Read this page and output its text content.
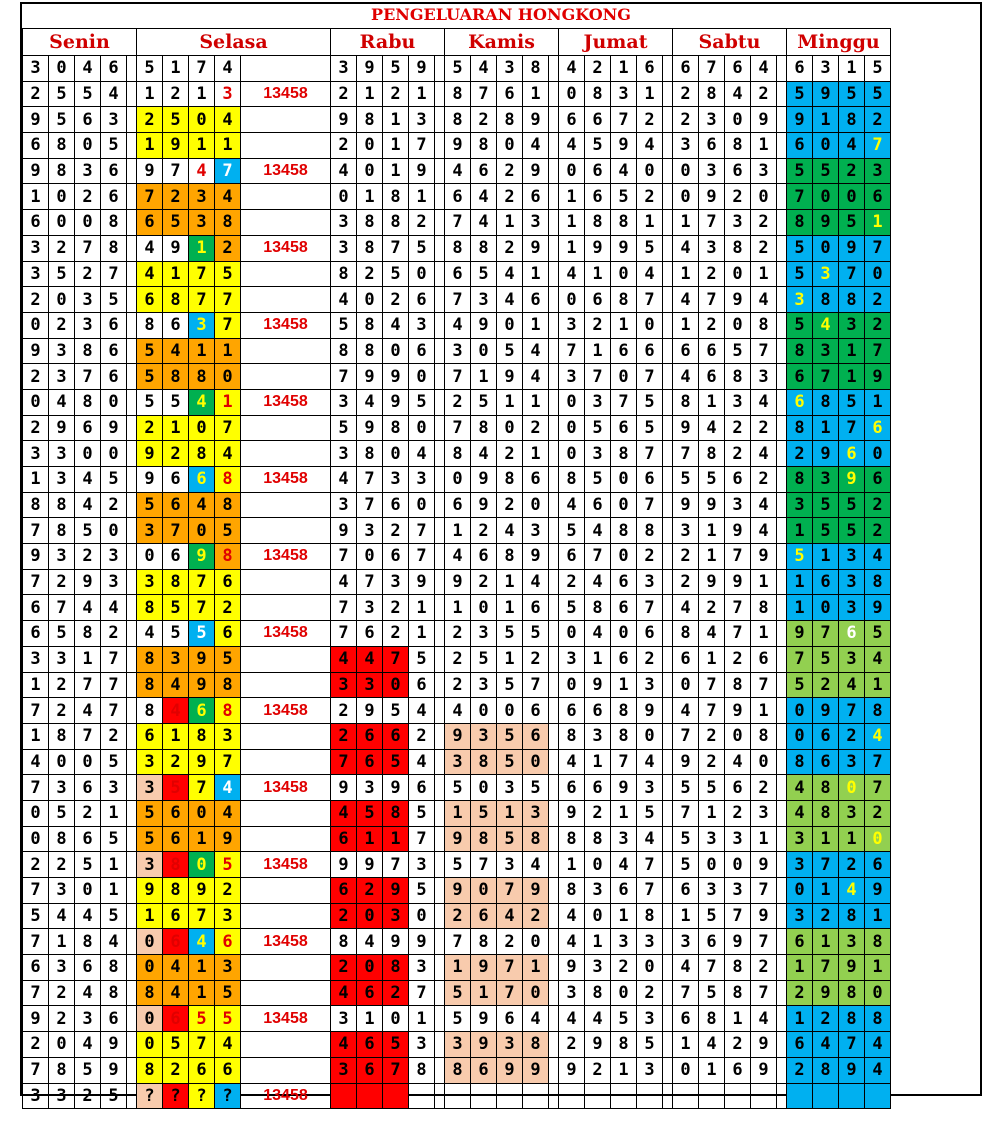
PENGELUARAN HONGKONG
Senin					Selasa					Rabu					Kamis					Jumat					Sabtu					Minggu			
3	0	4	6		5	1	7	4		3	9	5	9		5	4	3	8		4	2	1	6		6	7	6	4		6	3	1	5
2	5	5	4		1	2	1	3	13458	2	1	2	1		8	7	6	1		0	8	3	1		2	8	4	2		5	9	5	5
9	5	6	3		2	5	0	4		9	8	1	3		8	2	8	9		6	6	7	2		2	3	0	9		9	1	8	2
6	8	0	5		1	9	1	1		2	0	1	7		9	8	0	4		4	5	9	4		3	6	8	1		6	0	4	7
9	8	3	6		9	7	4	7	13458	4	0	1	9		4	6	2	9		0	6	4	0		0	3	6	3		5	5	2	3
1	0	2	6		7	2	3	4		0	1	8	1		6	4	2	6		1	6	5	2		0	9	2	0		7	0	0	6
6	0	0	8		6	5	3	8		3	8	8	2		7	4	1	3		1	8	8	1		1	7	3	2		8	9	5	1
3	2	7	8		4	9	1	2	13458	3	8	7	5		8	8	2	9		1	9	9	5		4	3	8	2		5	0	9	7
3	5	2	7		4	1	7	5		8	2	5	0		6	5	4	1		4	1	0	4		1	2	0	1		5	3	7	0
2	0	3	5		6	8	7	7		4	0	2	6		7	3	4	6		0	6	8	7		4	7	9	4		3	8	8	2
0	2	3	6		8	6	3	7	13458	5	8	4	3		4	9	0	1		3	2	1	0		1	2	0	8		5	4	3	2
9	3	8	6		5	4	1	1		8	8	0	6		3	0	5	4		7	1	6	6		6	6	5	7		8	3	1	7
2	3	7	6		5	8	8	0		7	9	9	0		7	1	9	4		3	7	0	7		4	6	8	3		6	7	1	9
0	4	8	0		5	5	4	1	13458	3	4	9	5		2	5	1	1		0	3	7	5		8	1	3	4		6	8	5	1
2	9	6	9		2	1	0	7		5	9	8	0		7	8	0	2		0	5	6	5		9	4	2	2		8	1	7	6
3	3	0	0		9	2	8	4		3	8	0	4		8	4	2	1		0	3	8	7		7	8	2	4		2	9	6	0
1	3	4	5		9	6	6	8	13458	4	7	3	3		0	9	8	6		8	5	0	6		5	5	6	2		8	3	9	6
8	8	4	2		5	6	4	8		3	7	6	0		6	9	2	0		4	6	0	7		9	9	3	4		3	5	5	2
7	8	5	0		3	7	0	5		9	3	2	7		1	2	4	3		5	4	8	8		3	1	9	4		1	5	5	2
9	3	2	3		0	6	9	8	13458	7	0	6	7		4	6	8	9		6	7	0	2		2	1	7	9		5	1	3	4
7	2	9	3		3	8	7	6		4	7	3	9		9	2	1	4		2	4	6	3		2	9	9	1		1	6	3	8
6	7	4	4		8	5	7	2		7	3	2	1		1	0	1	6		5	8	6	7		4	2	7	8		1	0	3	9
6	5	8	2		4	5	5	6	13458	7	6	2	1		2	3	5	5		0	4	0	6		8	4	7	1		9	7	6	5
3	3	1	7		8	3	9	5		4	4	7	5		2	5	1	2		3	1	6	2		6	1	2	6		7	5	3	4
1	2	7	7		8	4	9	8		3	3	0	6		2	3	5	7		0	9	1	3		0	7	8	7		5	2	4	1
7	2	4	7		8	4	6	8	13458	2	9	5	4		4	0	0	6		6	6	8	9		4	7	9	1		0	9	7	8
1	8	7	2		6	1	8	3		2	6	6	2		9	3	5	6		8	3	8	0		7	2	0	8		0	6	2	4
4	0	0	5		3	2	9	7		7	6	5	4		3	8	5	0		4	1	7	4		9	2	4	0		8	6	3	7
7	3	6	3		3	5	7	4	13458	9	3	9	6		5	0	3	5		6	6	9	3		5	5	6	2		4	8	0	7
0	5	2	1		5	6	0	4		4	5	8	5		1	5	1	3		9	2	1	5		7	1	2	3		4	8	3	2
0	8	6	5		5	6	1	9		6	1	1	7		9	8	5	8		8	8	3	4		5	3	3	1		3	1	1	0
2	2	5	1		3	8	0	5	13458	9	9	7	3		5	7	3	4		1	0	4	7		5	0	0	9		3	7	2	6
7	3	0	1		9	8	9	2		6	2	9	5		9	0	7	9		8	3	6	7		6	3	3	7		0	1	4	9
5	4	4	5		1	6	7	3		2	0	3	0		2	6	4	2		4	0	1	8		1	5	7	9		3	2	8	1
7	1	8	4		0	6	4	6	13458	8	4	9	9		7	8	2	0		4	1	3	3		3	6	9	7		6	1	3	8
6	3	6	8		0	4	1	3		2	0	8	3		1	9	7	1		9	3	2	0		4	7	8	2		1	7	9	1
7	2	4	8		8	4	1	5		4	6	2	7		5	1	7	0		3	8	0	2		7	5	8	7		2	9	8	0
9	2	3	6		0	6	5	5	13458	3	1	0	1		5	9	6	4		4	4	5	3		6	8	1	4		1	2	8	8
2	0	4	9		0	5	7	4		4	6	5	3		3	9	3	8		2	9	8	5		1	4	2	9		6	4	7	4
7	8	5	9		8	2	6	6		3	6	7	8		8	6	9	9		9	2	1	3		0	1	6	9		2	8	9	4
3	3	2	5		?	?	?	?	13458																								
